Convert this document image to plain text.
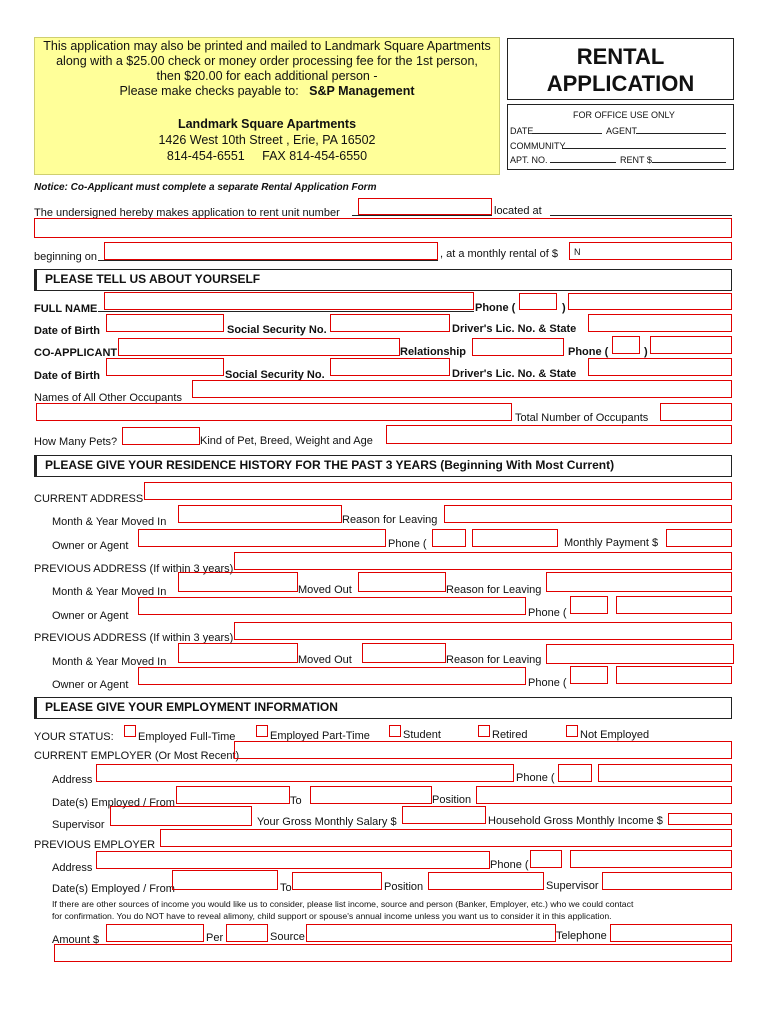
This application may also be printed and mailed to Landmark Square Apartments
along with a $25.00 check or money order processing fee for the 1st person,
then $20.00 for each additional person -
Please make checks payable to: S&P Management
Landmark Square Apartments
1426 West 10th Street , Erie, PA 16502
814-454-6551 FAX 814-454-6550
RENTAL
APPLICATION
FOR OFFICE USE ONLY
DATE	AGENT
COMMUNITY
APT. NO.	RENT $
Notice: Co-Applicant must complete a separate Rental Application Form
The undersigned hereby makes application to rent unit number	located at
beginning on	, at a monthly rental of $ N
PLEASE TELL US ABOUT YOURSELF
FULL NAME	Phone (	)
Date of Birth	Social Security No.	Driver's Lic. No. & State
CO-APPLICANT	Relationship	Phone (	)
Date of Birth	Social Security No.	Driver's Lic. No. & State
Names of All Other Occupants
Total Number of Occupants
How Many Pets?	Kind of Pet, Breed, Weight and Age
PLEASE GIVE YOUR RESIDENCE HISTORY FOR THE PAST 3 YEARS (Beginning With Most Current)
CURRENT ADDRESS
Month & Year Moved In	Reason for Leaving
Owner or Agent	Phone (	Monthly Payment $
PREVIOUS ADDRESS (If within 3 years)
Month & Year Moved In	Moved Out	Reason for Leaving
Owner or Agent	Phone (
PREVIOUS ADDRESS (If within 3 years)
Month & Year Moved In	Moved Out	Reason for Leaving
Owner or Agent	Phone (
PLEASE GIVE YOUR EMPLOYMENT INFORMATION
YOUR STATUS: Employed Full-Time	Employed Part-Time	Student	Retired	Not Employed
CURRENT EMPLOYER (Or Most Recent)
Address	Phone (
Date(s) Employed / From	To	Position
Supervisor	Your Gross Monthly Salary $	Household Gross Monthly Income $
PREVIOUS EMPLOYER
Address	Phone (
Date(s) Employed / From	To	Position	Supervisor
If there are other sources of income you would like us to consider, please list income, source and person (Banker, Employer, etc.) who we could contact
for confirmation. You do NOT have to reveal alimony, child support or spouse's annual income unless you want us to consider it in this application.
Amount $	Per	Source	Telephone
